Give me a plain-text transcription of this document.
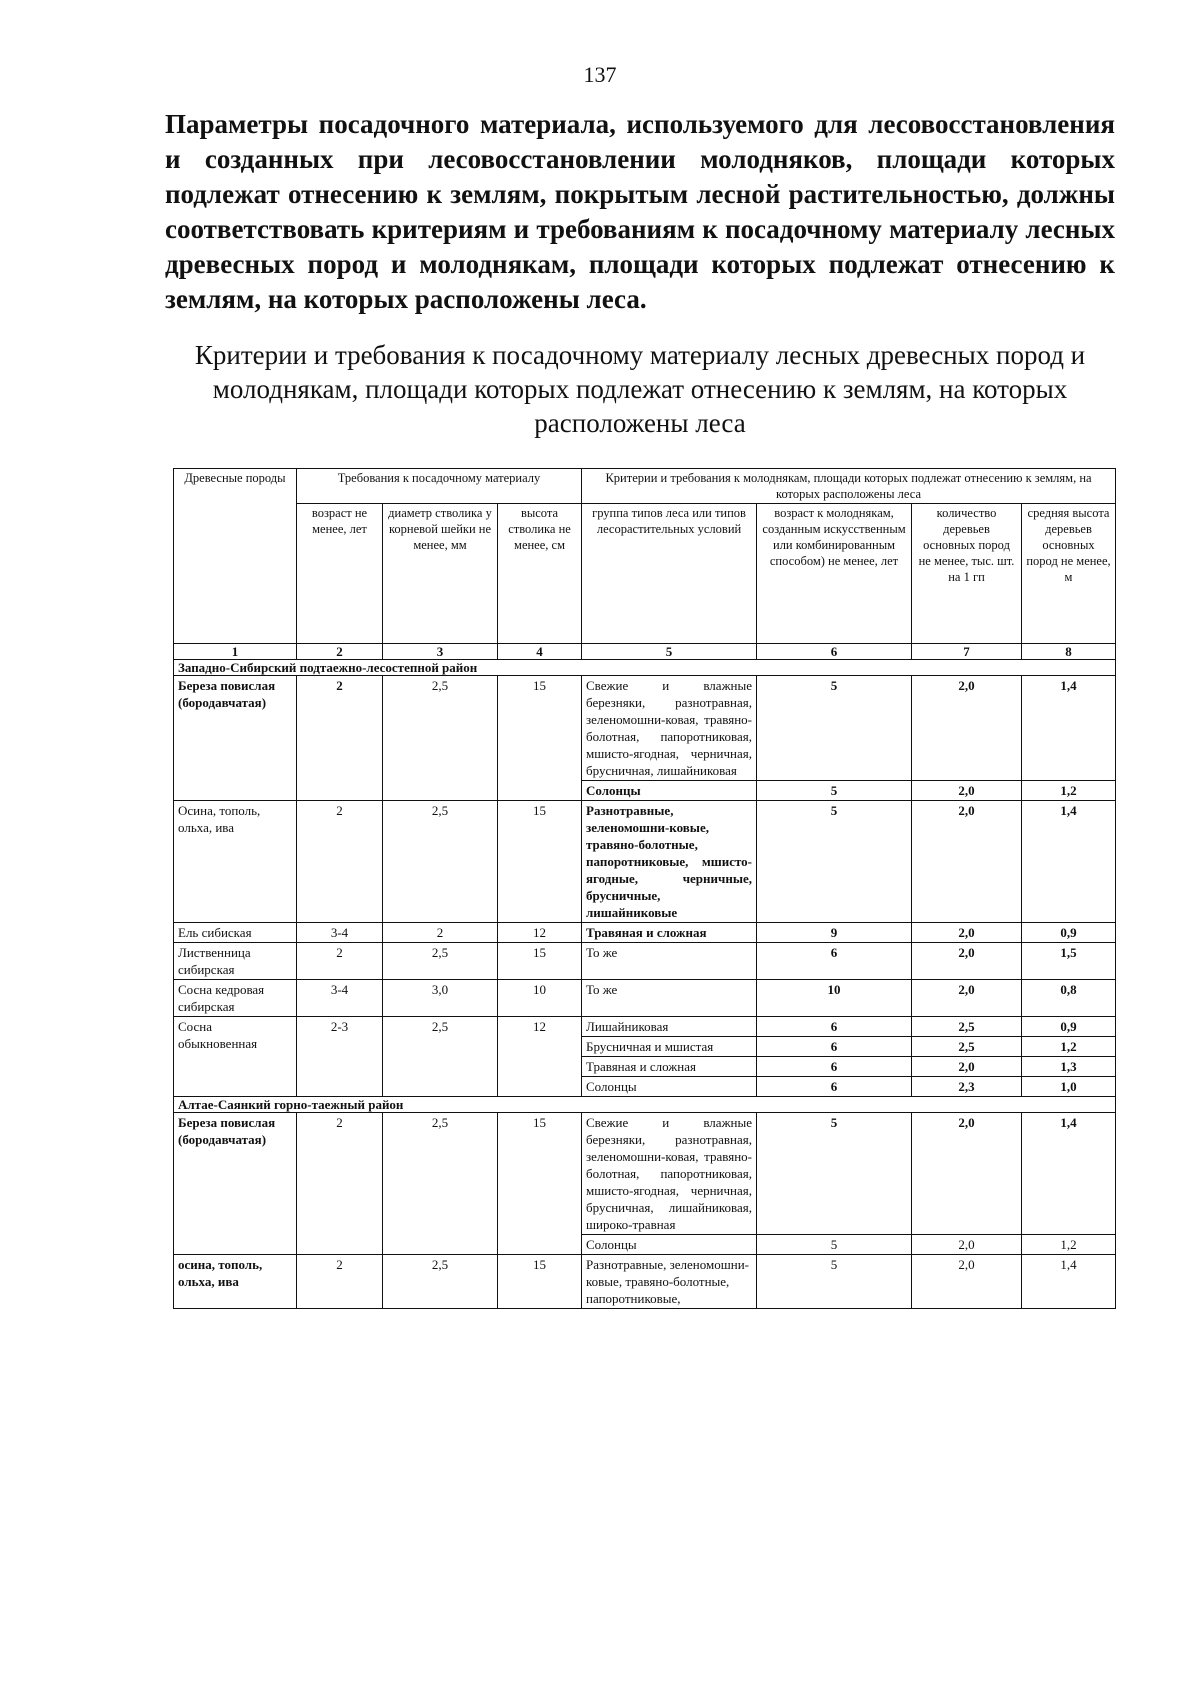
137
Параметры посадочного материала, используемого для лесовосстановления и созданных при лесовосстановлении молодняков, площади которых подлежат отнесению к землям, покрытым лесной растительностью, должны соответствовать критериям и требованиям к посадочному материалу лесных древесных пород и молоднякам, площади которых подлежат отнесению к землям, на которых расположены леса.
Критерии и требования к посадочному материалу лесных древесных пород и молоднякам, площади которых подлежат отнесению к землям, на которых расположены леса
Древесные породы	Требования к посадочному материалу			Критерии и требования к молоднякам, площади которых подлежат отнесению к землям, на которых расположены леса			
	возраст не менее, лет	диаметр стволика у корневой шейки не менее, мм	высота стволика не менее, см	группа типов леса или типов лесорастительных условий	возраст к молоднякам, созданным искусственным или комбинированным способом) не менее, лет	количество деревьев основных пород не менее, тыс. шт. на 1 гп	средняя высота деревьев основных пород не менее, м
1	2	3	4	5	6	7	8
Западно-Сибирский подтаежно-лесостепной район							
Береза повислая (бородавчатая)	2	2,5	15	Свежие и влажные березняки, разнотравная, зеленомошни-ковая, травяно-болотная, папоротниковая, мшисто-ягодная, черничная, брусничная, лишайниковая	5	2,0	1,4
				Солонцы	5	2,0	1,2
Осина, тополь, ольха, ива	2	2,5	15	Разнотравные, зеленомошни-ковые, травяно-болотные, папоротниковые, мшисто-ягодные, черничные, брусничные, лишайниковые	5	2,0	1,4
Ель сибиская	3-4	2	12	Травяная и сложная	9	2,0	0,9
Лиственница сибирская	2	2,5	15	То же	6	2,0	1,5
Сосна кедровая сибирская	3-4	3,0	10	То же	10	2,0	0,8
Сосна обыкновенная	2-3	2,5	12	Лишайниковая	6	2,5	0,9
				Брусничная и мшистая	6	2,5	1,2
				Травяная и сложная	6	2,0	1,3
				Солонцы	6	2,3	1,0
Алтае-Саянкий горно-таежный район							
Береза повислая (бородавчатая)	2	2,5	15	Свежие и влажные березняки, разнотравная, зеленомошни-ковая, травяно-болотная, папоротниковая, мшисто-ягодная, черничная, брусничная, лишайниковая, широко-травная	5	2,0	1,4
				Солонцы	5	2,0	1,2
осина, тополь, ольха, ива	2	2,5	15	Разнотравные, зеленомошни-ковые, травяно-болотные, папоротниковые,	5	2,0	1,4
